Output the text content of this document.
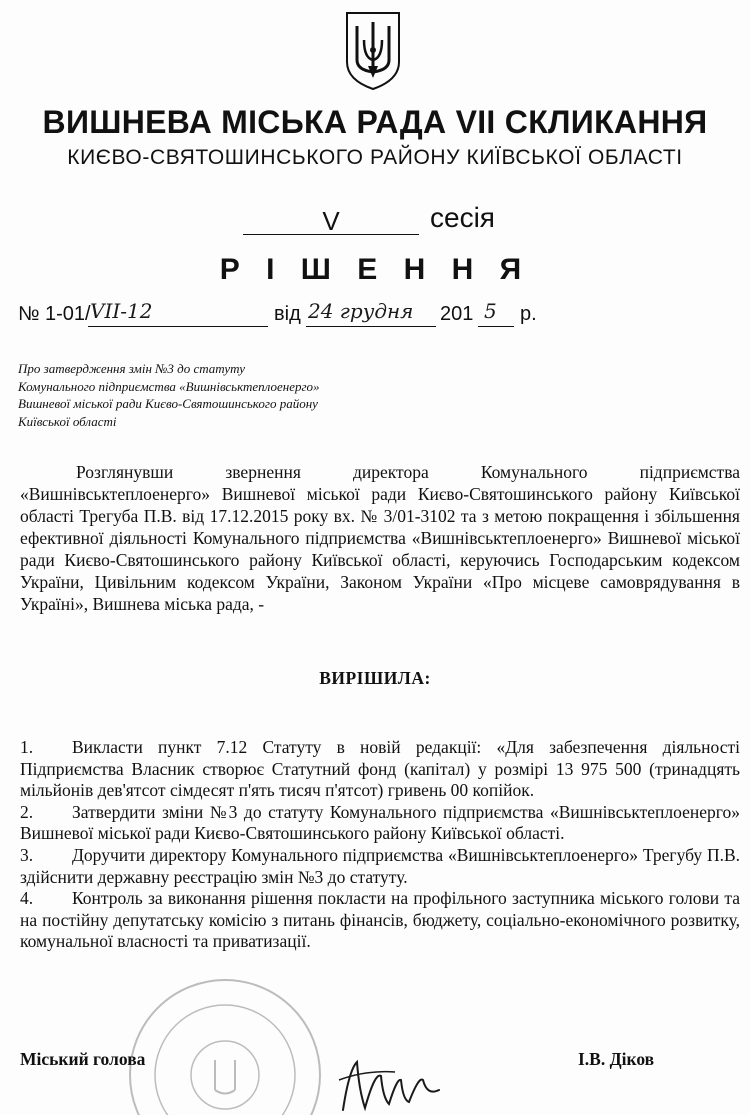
ВИШНЕВА МІСЬКА РАДА VII СКЛИКАННЯ
КИЄВО-СВЯТОШИНСЬКОГО РАЙОНУ КИЇВСЬКОЇ ОБЛАСТІ
V	сесія
Р І Ш Е Н Н Я
№ 1-01/ VII-12	від 24 грудня 201 5 р.
Про затвердження змін №3 до статуту
Комунального підприємства «Вишнівськтеплоенерго»
Вишневої міської ради Києво-Святошинського району
Київської області
Розглянувши звернення директора Комунального підприємства «Вишнівськтеплоенерго» Вишневої міської ради Києво-Святошинського району Київської області Трегуба П.В. від 17.12.2015 року вх. № 3/01-3102 та з метою покращення і збільшення ефективної діяльності Комунального підприємства «Вишнівськтеплоенерго» Вишневої міської ради Києво-Святошинського району Київської області, керуючись Господарським кодексом України, Цивільним кодексом України, Законом України «Про місцеве самоврядування в Україні», Вишнева міська рада, -
ВИРІШИЛА:

1. Викласти пункт 7.12 Статуту в новій редакції: «Для забезпечення діяльності Підприємства Власник створює Статутний фонд (капітал) у розмірі 13 975 500 (тринадцять мільйонів дев'ятсот сімдесят п'ять тисяч п'ятсот) гривень 00 копійок.

2. Затвердити зміни №3 до статуту Комунального підприємства «Вишнівськтеплоенерго» Вишневої міської ради Києво-Святошинського району Київської області.

3. Доручити директору Комунального підприємства «Вишнівськтеплоенерго» Трегубу П.В. здійснити державну реєстрацію змін №3 до статуту.

4. Контроль за виконання рішення покласти на профільного заступника міського голови та на постійну депутатську комісію з питань фінансів, бюджету, соціально-економічного розвитку, комунальної власності та приватизації.

Міський голова	І.В. Діков
